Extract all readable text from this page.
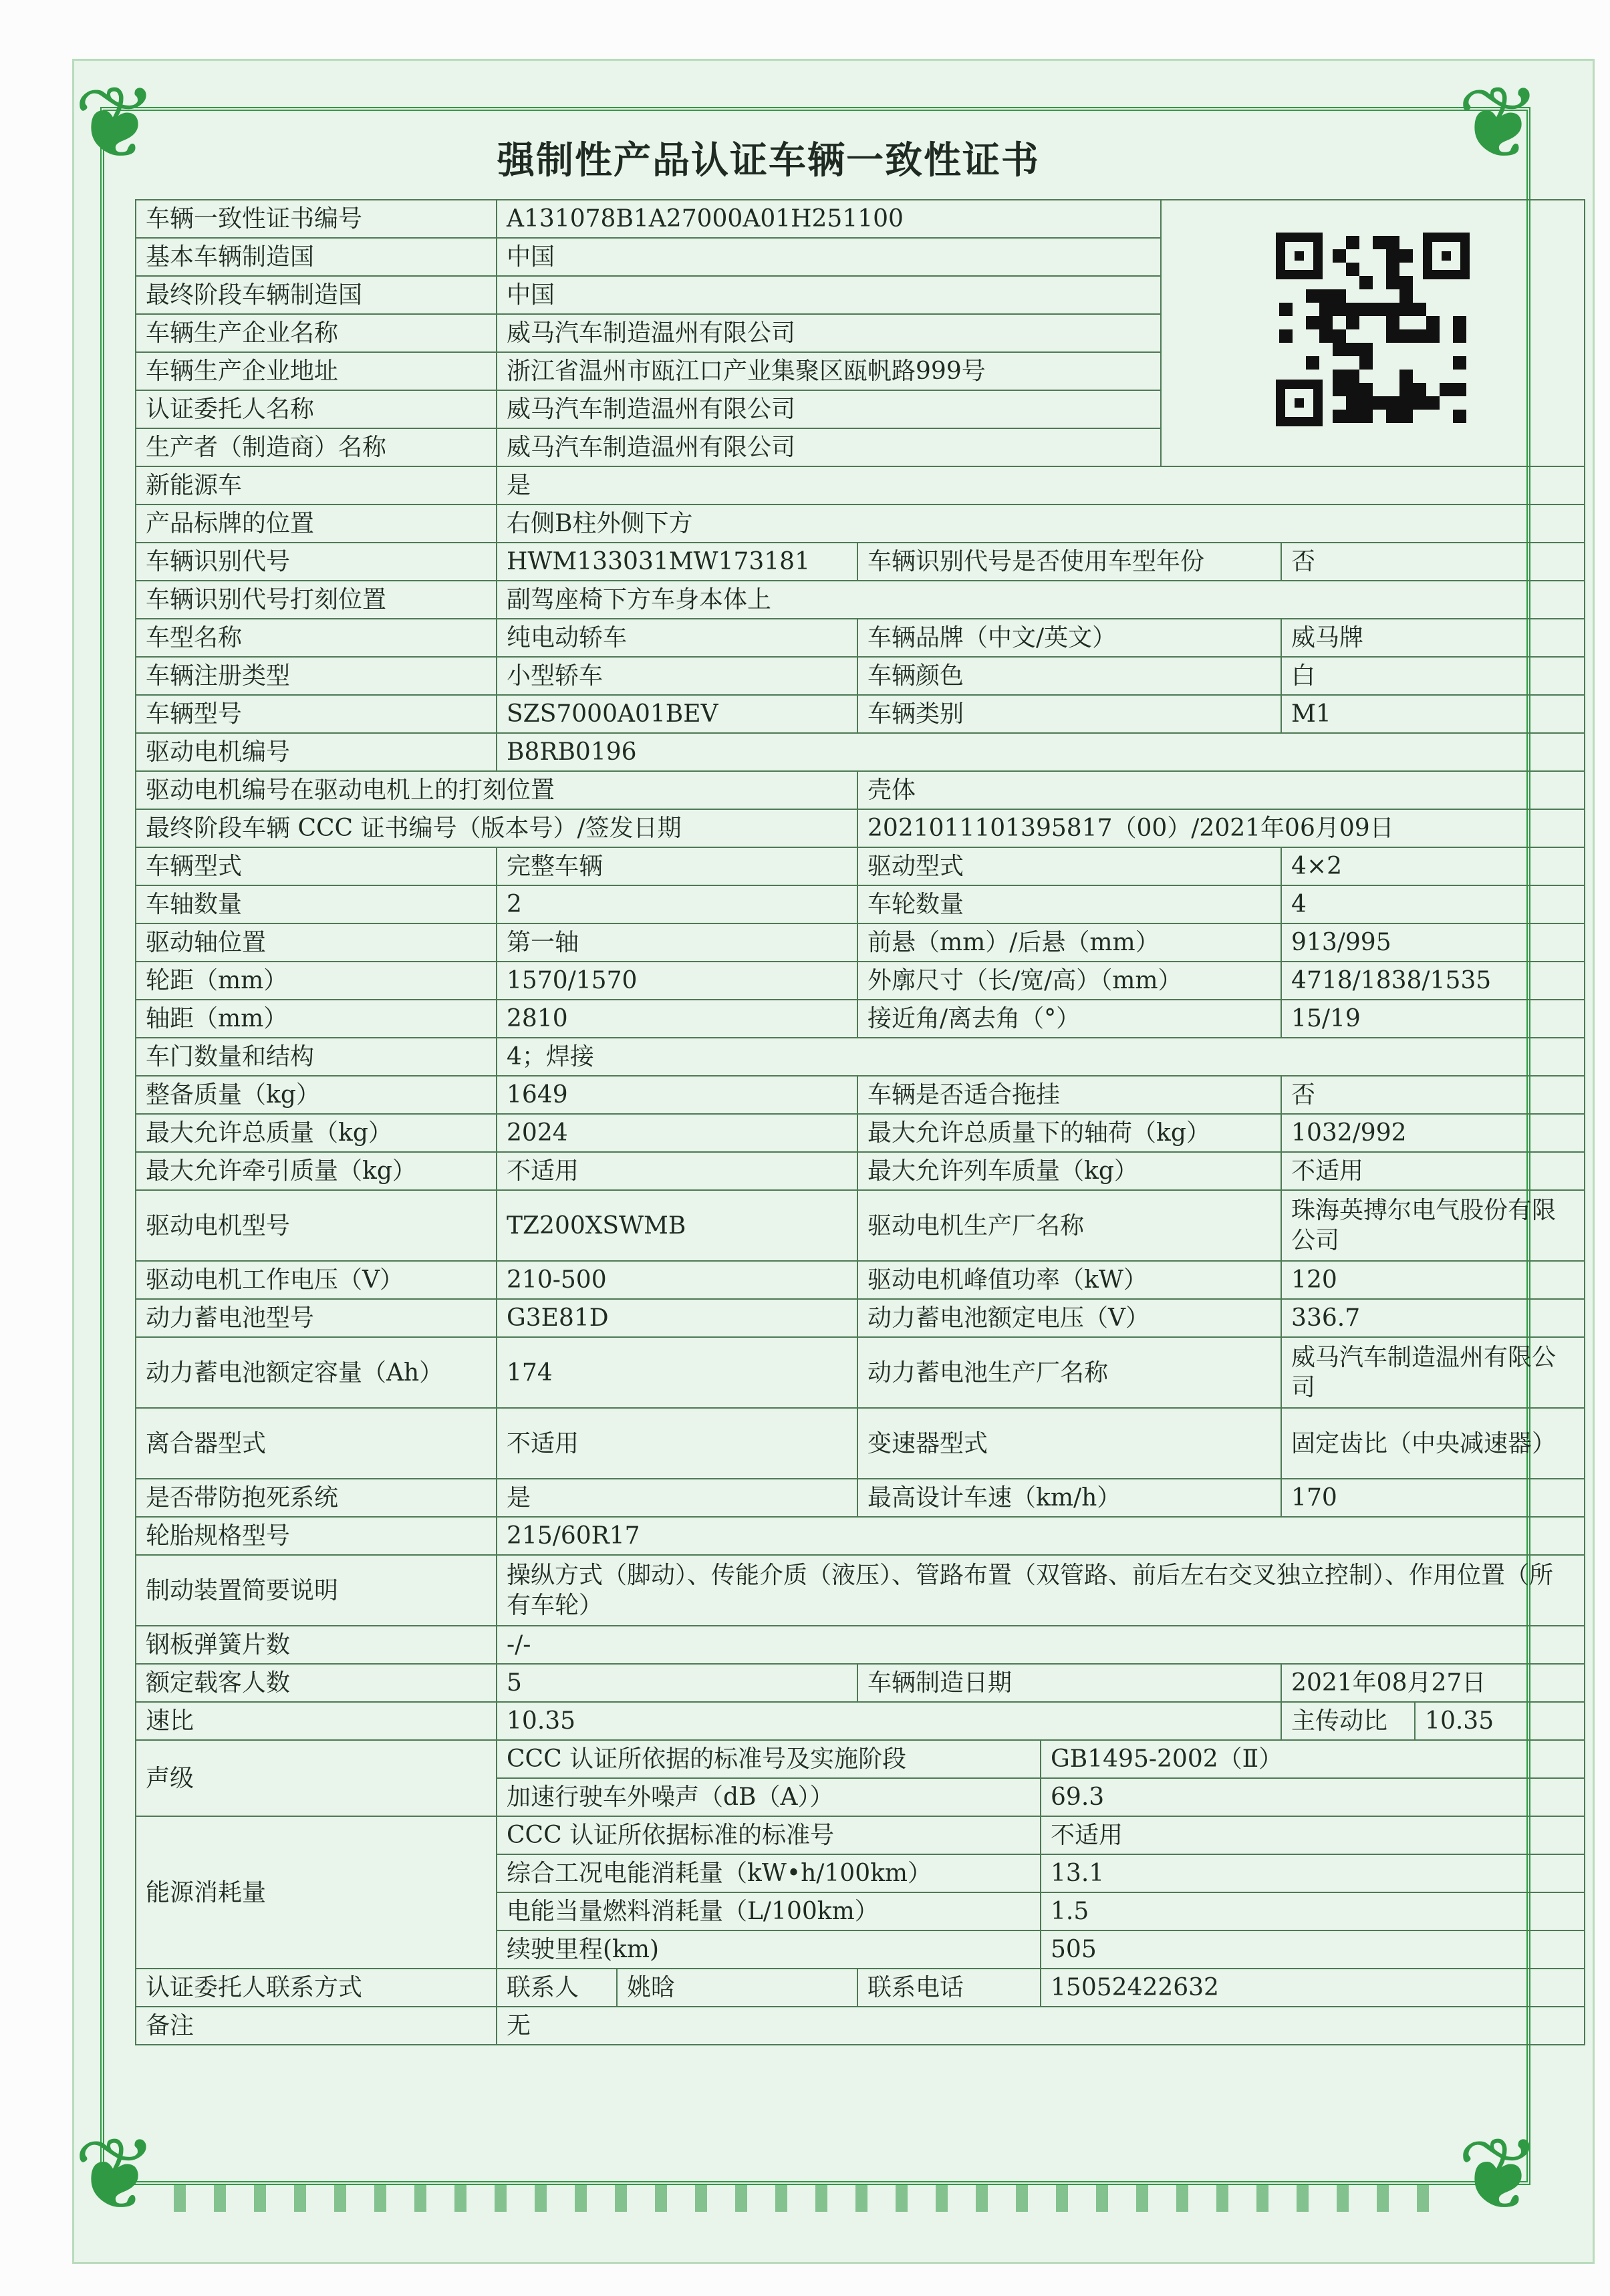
❦	❦
❦	❦
强制性产品认证车辆一致性证书
车辆一致性证书编号	A131078B1A27000A01H251100						

基本车辆制造国	中国						
最终阶段车辆制造国	中国						
车辆生产企业名称	威马汽车制造温州有限公司						
车辆生产企业地址	浙江省温州市瓯江口产业集聚区瓯帆路999号						
认证委托人名称	威马汽车制造温州有限公司						
生产者（制造商）名称	威马汽车制造温州有限公司						
新能源车	是						
产品标牌的位置	右侧B柱外侧下方						
车辆识别代号	HWM133031MW173181		车辆识别代号是否使用车型年份			否	
车辆识别代号打刻位置	副驾座椅下方车身本体上						
车型名称	纯电动轿车		车辆品牌（中文/英文）			威马牌	
车辆注册类型	小型轿车		车辆颜色			白	
车辆型号	SZS7000A01BEV		车辆类别			M1	
驱动电机编号	B8RB0196						
驱动电机编号在驱动电机上的打刻位置			壳体				
最终阶段车辆 CCC 证书编号（版本号）/签发日期			2021011101395817（00）/2021年06月09日				
车辆型式	完整车辆		驱动型式			4×2	
车轴数量	2		车轮数量			4	
驱动轴位置	第一轴		前悬（mm）/后悬（mm）			913/995	
轮距（mm）	1570/1570		外廓尺寸（长/宽/高）（mm）			4718/1838/1535	
轴距（mm）	2810		接近角/离去角（°）			15/19	
车门数量和结构	4；焊接						
整备质量（kg）	1649		车辆是否适合拖挂			否	
最大允许总质量（kg）	2024		最大允许总质量下的轴荷（kg）			1032/992	
最大允许牵引质量（kg）	不适用		最大允许列车质量（kg）			不适用	
驱动电机型号	TZ200XSWMB		驱动电机生产厂名称			珠海英搏尔电气股份有限公司	
驱动电机工作电压（V）	210-500		驱动电机峰值功率（kW）			120	
动力蓄电池型号	G3E81D		动力蓄电池额定电压（V）			336.7	
动力蓄电池额定容量（Ah）	174		动力蓄电池生产厂名称			威马汽车制造温州有限公司	
离合器型式	不适用		变速器型式			固定齿比（中央减速器）	
是否带防抱死系统	是		最高设计车速（km/h）			170	
轮胎规格型号	215/60R17						
制动装置简要说明	操纵方式（脚动）、传能介质（液压）、管路布置（双管路、前后左右交叉独立控制）、作用位置（所有车轮）						
钢板弹簧片数	-/-						
额定载客人数	5		车辆制造日期			2021年08月27日	
速比	10.35					主传动比	10.35
声级	CCC 认证所依据的标准号及实施阶段			GB1495-2002（Ⅱ）			
	加速行驶车外噪声（dB（A））			69.3			
能源消耗量	CCC 认证所依据标准的标准号			不适用			
	综合工况电能消耗量（kW•h/100km）			13.1			
	电能当量燃料消耗量（L/100km）			1.5			
	续驶里程(km)			505			
认证委托人联系方式	联系人	姚晗	联系电话	15052422632			
备注	无						
